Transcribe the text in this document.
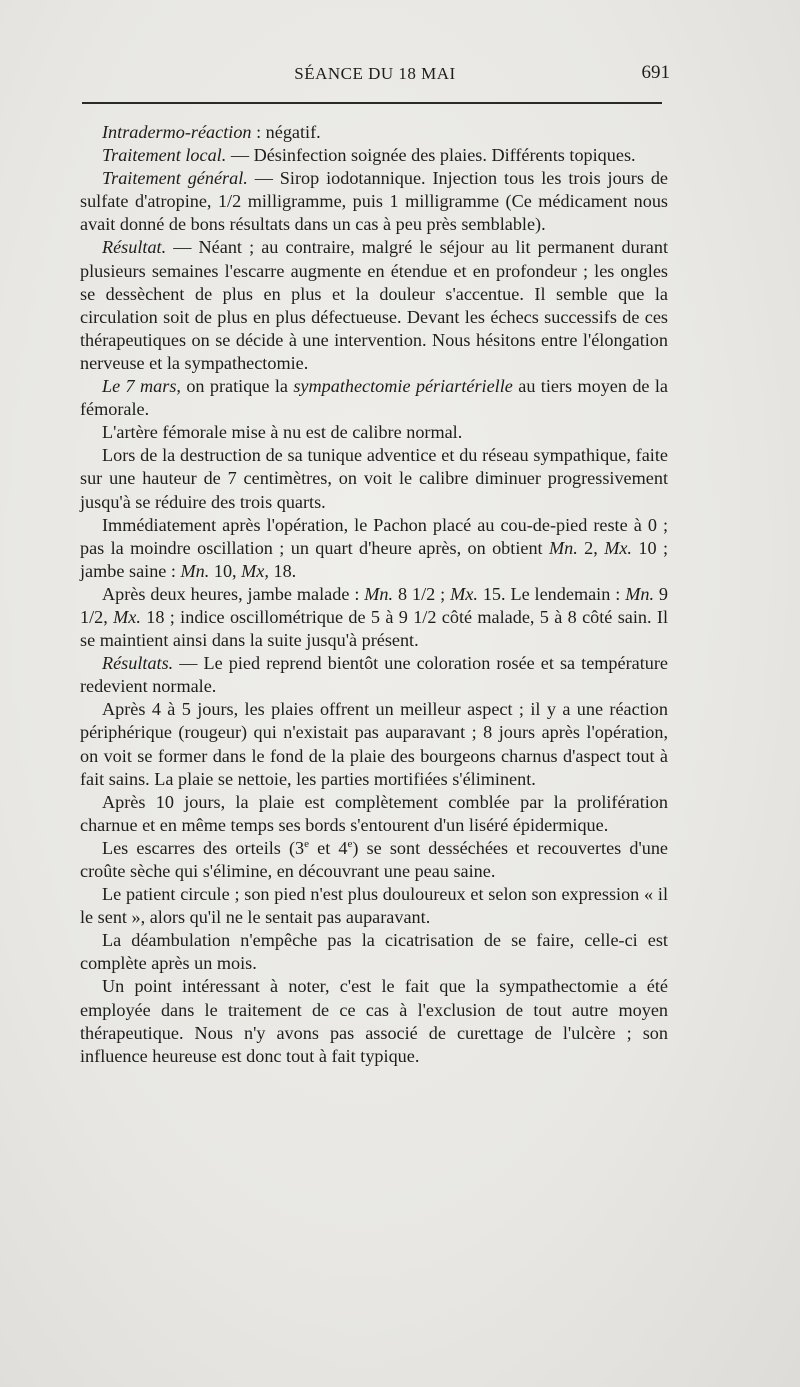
SÉANCE DU 18 MAI	691

Intradermo-réaction : négatif.

Traitement local. — Désinfection soignée des plaies. Différents topiques.

Traitement général. — Sirop iodotannique. Injection tous les trois jours de sulfate d'atropine, 1/2 milligramme, puis 1 milligramme (Ce médicament nous avait donné de bons résultats dans un cas à peu près semblable).

Résultat. — Néant ; au contraire, malgré le séjour au lit permanent durant plusieurs semaines l'escarre augmente en étendue et en profondeur ; les ongles se dessèchent de plus en plus et la douleur s'accentue. Il semble que la circulation soit de plus en plus défectueuse. Devant les échecs successifs de ces thérapeutiques on se décide à une intervention. Nous hésitons entre l'élongation nerveuse et la sympathectomie.

Le 7 mars, on pratique la sympathectomie périartérielle au tiers moyen de la fémorale.

L'artère fémorale mise à nu est de calibre normal.

Lors de la destruction de sa tunique adventice et du réseau sympathique, faite sur une hauteur de 7 centimètres, on voit le calibre diminuer progressivement jusqu'à se réduire des trois quarts.

Immédiatement après l'opération, le Pachon placé au cou-de-pied reste à 0 ; pas la moindre oscillation ; un quart d'heure après, on obtient Mn. 2, Mx. 10 ; jambe saine : Mn. 10, Mx, 18.

Après deux heures, jambe malade : Mn. 8 1/2 ; Mx. 15. Le lendemain : Mn. 9 1/2, Mx. 18 ; indice oscillométrique de 5 à 9 1/2 côté malade, 5 à 8 côté sain. Il se maintient ainsi dans la suite jusqu'à présent.

Résultats. — Le pied reprend bientôt une coloration rosée et sa température redevient normale.

Après 4 à 5 jours, les plaies offrent un meilleur aspect ; il y a une réaction périphérique (rougeur) qui n'existait pas auparavant ; 8 jours après l'opération, on voit se former dans le fond de la plaie des bourgeons charnus d'aspect tout à fait sains. La plaie se nettoie, les parties mortifiées s'éliminent.

Après 10 jours, la plaie est complètement comblée par la prolifération charnue et en même temps ses bords s'entourent d'un liséré épidermique.

Les escarres des orteils (3e et 4e) se sont desséchées et recouvertes d'une croûte sèche qui s'élimine, en découvrant une peau saine.

Le patient circule ; son pied n'est plus douloureux et selon son expression « il le sent », alors qu'il ne le sentait pas auparavant.

La déambulation n'empêche pas la cicatrisation de se faire, celle-ci est complète après un mois.

Un point intéressant à noter, c'est le fait que la sympathectomie a été employée dans le traitement de ce cas à l'exclusion de tout autre moyen thérapeutique. Nous n'y avons pas associé de curettage de l'ulcère ; son influence heureuse est donc tout à fait typique.
